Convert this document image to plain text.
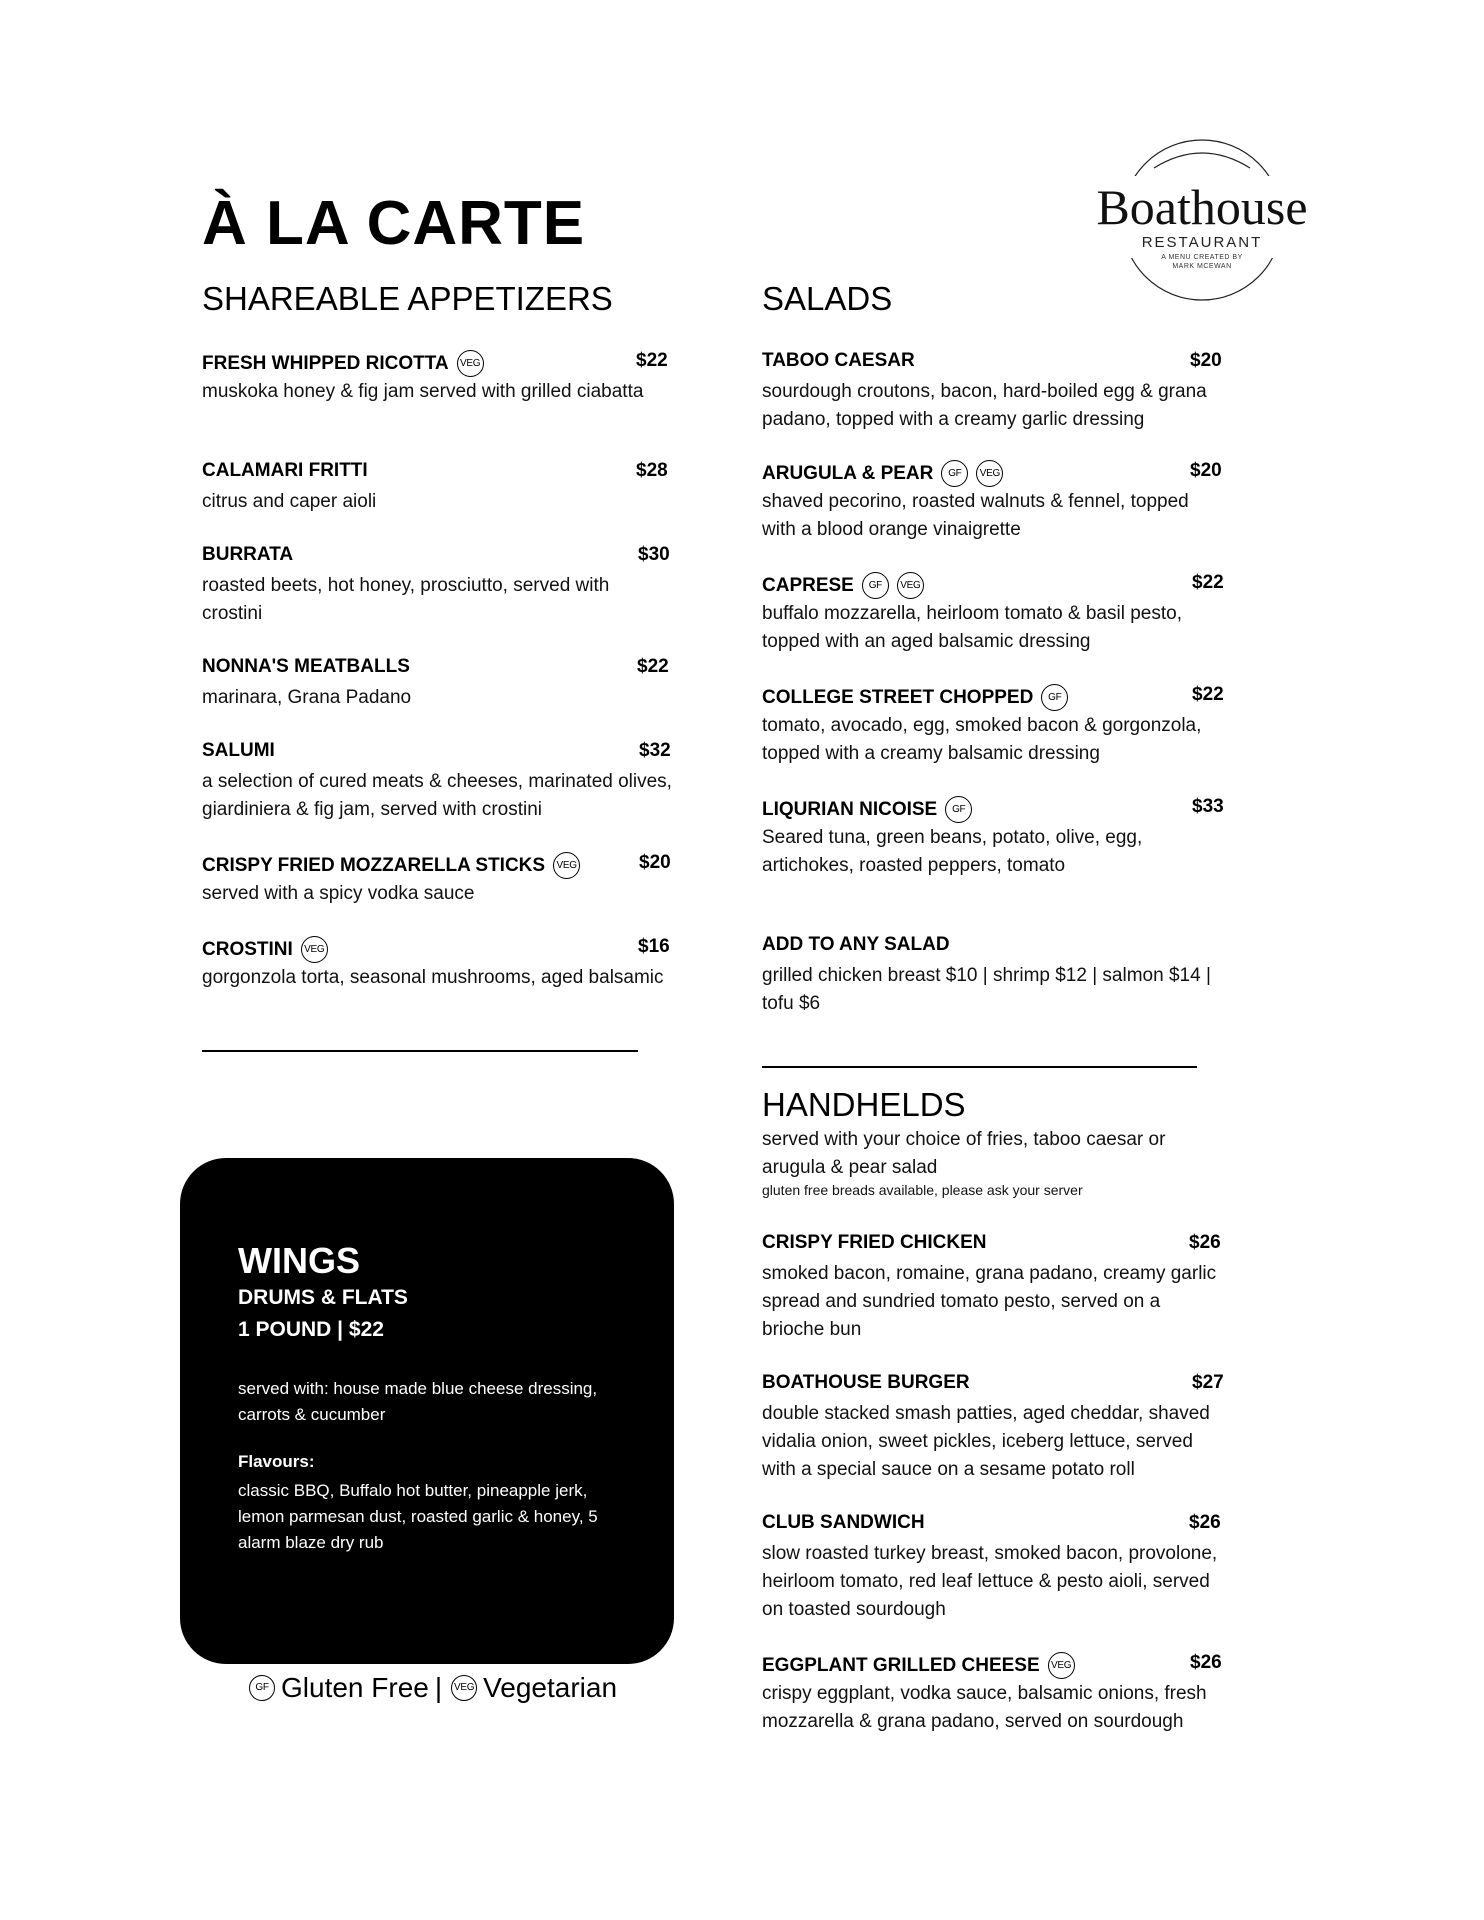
À LA CARTE	Boathouse
RESTAURANT
A MENU CREATED BY MARK MCEWAN
SHAREABLE APPETIZERS	SALADS
FRESH WHIPPED RICOTTA	VEG	$22

muskoka honey & fig jam served with grilled ciabatta

CALAMARI FRITTI	$28

citrus and caper aioli

BURRATA	$30

roasted beets, hot honey, prosciutto, served with crostini

NONNA'S MEATBALLS	$22

marinara, Grana Padano

SALUMI	$32

a selection of cured meats & cheeses, marinated olives, giardiniera & fig jam, served with crostini

CRISPY FRIED MOZZARELLA STICKS	VEG	$20

served with a spicy vodka sauce

CROSTINI	VEG	$16

gorgonzola torta, seasonal mushrooms, aged balsamic

TABOO CAESAR	$20

sourdough croutons, bacon, hard-boiled egg & grana padano, topped with a creamy garlic dressing

ARUGULA & PEAR	GF	VEG	$20

shaved pecorino, roasted walnuts & fennel, topped with a blood orange vinaigrette

CAPRESE	GF	VEG	$22

buffalo mozzarella, heirloom tomato & basil pesto, topped with an aged balsamic dressing

COLLEGE STREET CHOPPED	GF	$22

tomato, avocado, egg, smoked bacon & gorgonzola, topped with a creamy balsamic dressing

LIQURIAN NICOISE	GF	$33

Seared tuna, green beans, potato, olive, egg, artichokes, roasted peppers, tomato

ADD TO ANY SALAD

grilled chicken breast $10 | shrimp $12 | salmon $14 | tofu $6

HANDHELDS

served with your choice of fries, taboo caesar or arugula & pear salad

gluten free breads available, please ask your server
CRISPY FRIED CHICKEN	$26

smoked bacon, romaine, grana padano, creamy garlic spread and sundried tomato pesto, served on a brioche bun

BOATHOUSE BURGER	$27

double stacked smash patties, aged cheddar, shaved vidalia onion, sweet pickles, iceberg lettuce, served with a special sauce on a sesame potato roll

CLUB SANDWICH	$26

slow roasted turkey breast, smoked bacon, provolone, heirloom tomato, red leaf lettuce & pesto aioli, served on toasted sourdough

EGGPLANT GRILLED CHEESE	VEG	$26

crispy eggplant, vodka sauce, balsamic onions, fresh mozzarella & grana padano, served on sourdough

WINGS
DRUMS & FLATS
1 POUND | $22

served with: house made blue cheese dressing, carrots & cucumber

Flavours:

classic BBQ, Buffalo hot butter, pineapple jerk, lemon parmesan dust, roasted garlic & honey, 5 alarm blaze dry rub

GF Gluten Free | VEG Vegetarian
